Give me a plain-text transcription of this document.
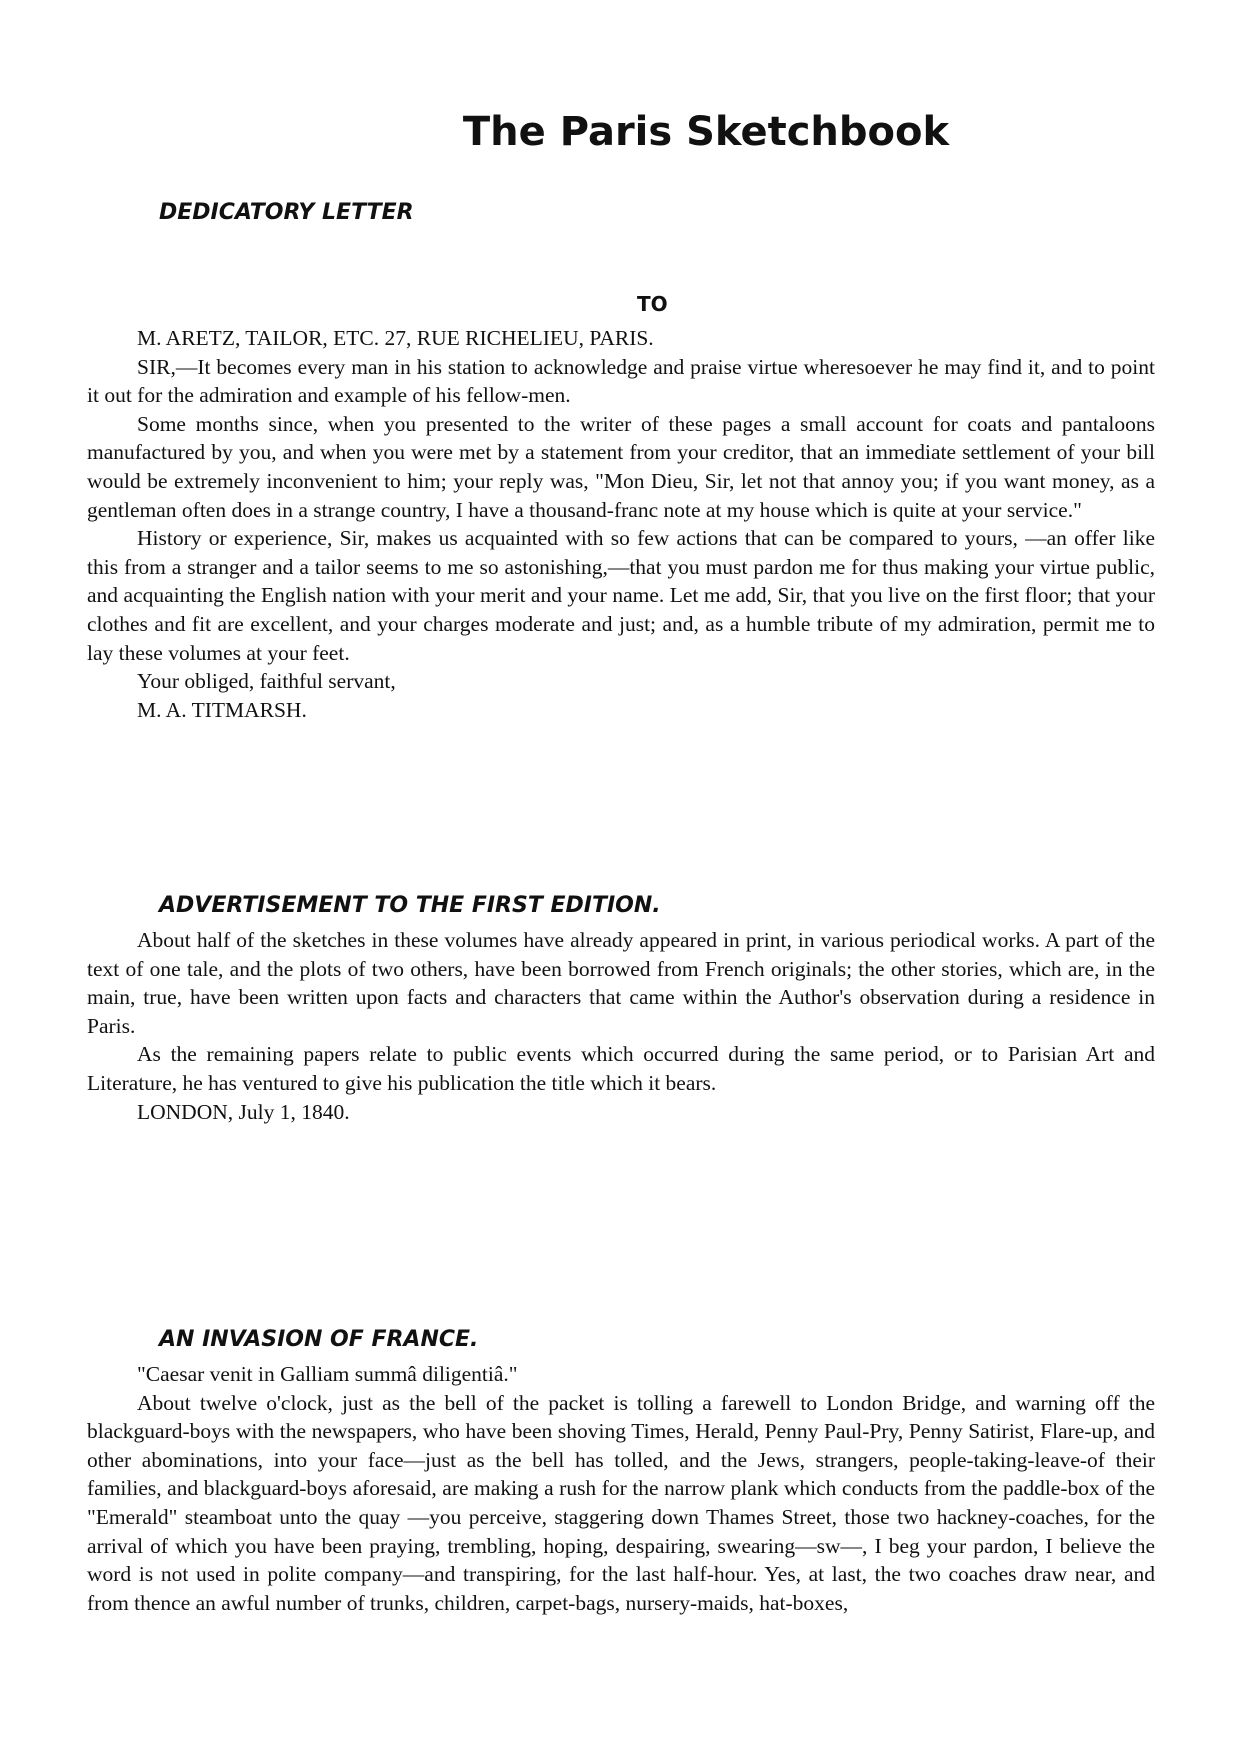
The Paris Sketchbook
DEDICATORY LETTER
TO

M. ARETZ, TAILOR, ETC. 27, RUE RICHELIEU, PARIS.

SIR,—It becomes every man in his station to acknowledge and praise virtue wheresoever he may find it, and to point it out for the admiration and example of his fellow-men.

Some months since, when you presented to the writer of these pages a small account for coats and pantaloons manufactured by you, and when you were met by a statement from your creditor, that an immediate settlement of your bill would be extremely inconvenient to him; your reply was, "Mon Dieu, Sir, let not that annoy you; if you want money, as a gentleman often does in a strange country, I have a thousand-franc note at my house which is quite at your service."

History or experience, Sir, makes us acquainted with so few actions that can be compared to yours, —an offer like this from a stranger and a tailor seems to me so astonishing,—that you must pardon me for thus making your virtue public, and acquainting the English nation with your merit and your name. Let me add, Sir, that you live on the first floor; that your clothes and fit are excellent, and your charges moderate and just; and, as a humble tribute of my admiration, permit me to lay these volumes at your feet.

Your obliged, faithful servant,

M. A. TITMARSH.

ADVERTISEMENT TO THE FIRST EDITION.

About half of the sketches in these volumes have already appeared in print, in various periodical works. A part of the text of one tale, and the plots of two others, have been borrowed from French originals; the other stories, which are, in the main, true, have been written upon facts and characters that came within the Author's observation during a residence in Paris.

As the remaining papers relate to public events which occurred during the same period, or to Parisian Art and Literature, he has ventured to give his publication the title which it bears.

LONDON, July 1, 1840.

AN INVASION OF FRANCE.

"Caesar venit in Galliam summâ diligentiâ."

About twelve o'clock, just as the bell of the packet is tolling a farewell to London Bridge, and warning off the blackguard-boys with the newspapers, who have been shoving Times, Herald, Penny Paul-Pry, Penny Satirist, Flare-up, and other abominations, into your face—just as the bell has tolled, and the Jews, strangers, people-taking-leave-of their families, and blackguard-boys aforesaid, are making a rush for the narrow plank which conducts from the paddle-box of the "Emerald" steamboat unto the quay —you perceive, staggering down Thames Street, those two hackney-coaches, for the arrival of which you have been praying, trembling, hoping, despairing, swearing—sw—, I beg your pardon, I believe the word is not used in polite company—and transpiring, for the last half-hour. Yes, at last, the two coaches draw near, and from thence an awful number of trunks, children, carpet-bags, nursery-maids, hat-boxes,
